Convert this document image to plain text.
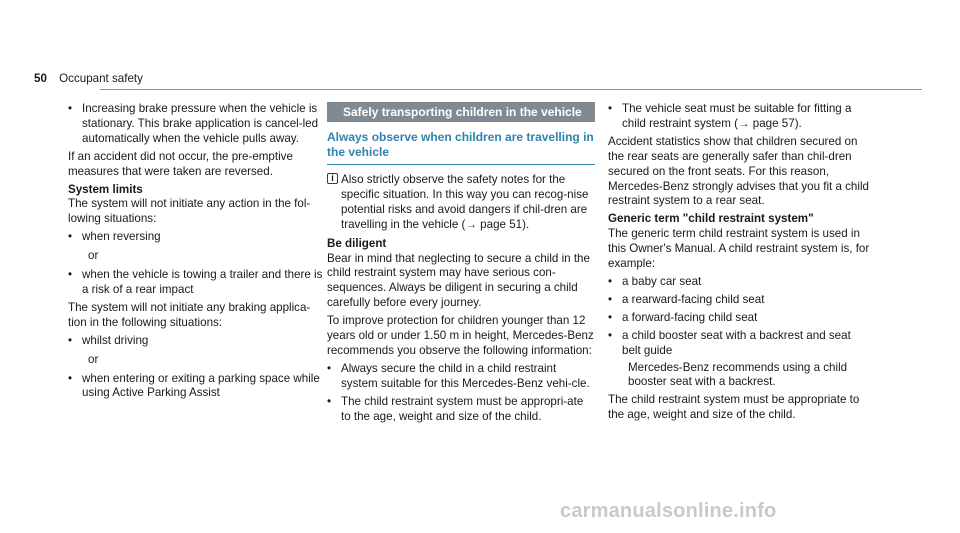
50 Occupant safety

• Increasing brake pressure when the vehicle is stationary. This brake application is cancel-led automatically when the vehicle pulls away.

If an accident did not occur, the pre-emptive measures that were taken are reversed.

System limits

The system will not initiate any action in the fol-lowing situations:

• when reversing

or

• when the vehicle is towing a trailer and there is a risk of a rear impact

The system will not initiate any braking applica-tion in the following situations:

• whilst driving

or

• when entering or exiting a parking space while using Active Parking Assist

Safely transporting children in the vehicle
Always observe when children are travelling in the vehicle
i Also strictly observe the safety notes for the specific situation. In this way you can recog-nise potential risks and avoid dangers if chil-dren are travelling in the vehicle (→ page 51).

Be diligent

Bear in mind that neglecting to secure a child in the child restraint system may have serious con-sequences. Always be diligent in securing a child carefully before every journey.

To improve protection for children younger than 12 years old or under 1.50 m in height, Mercedes-Benz recommends you observe the following information:

• Always secure the child in a child restraint system suitable for this Mercedes-Benz vehi-cle.

• The child restraint system must be appropri-ate to the age, weight and size of the child.

• The vehicle seat must be suitable for fitting a child restraint system (→ page 57).

Accident statistics show that children secured on the rear seats are generally safer than chil-dren secured on the front seats. For this reason, Mercedes-Benz strongly advises that you fit a child restraint system to a rear seat.

Generic term "child restraint system"

The generic term child restraint system is used in this Owner's Manual. A child restraint system is, for example:

• a baby car seat

• a rearward-facing child seat

• a forward-facing child seat

• a child booster seat with a backrest and seat belt guide

Mercedes-Benz recommends using a child booster seat with a backrest.

The child restraint system must be appropriate to the age, weight and size of the child.

carmanualsonline.info
